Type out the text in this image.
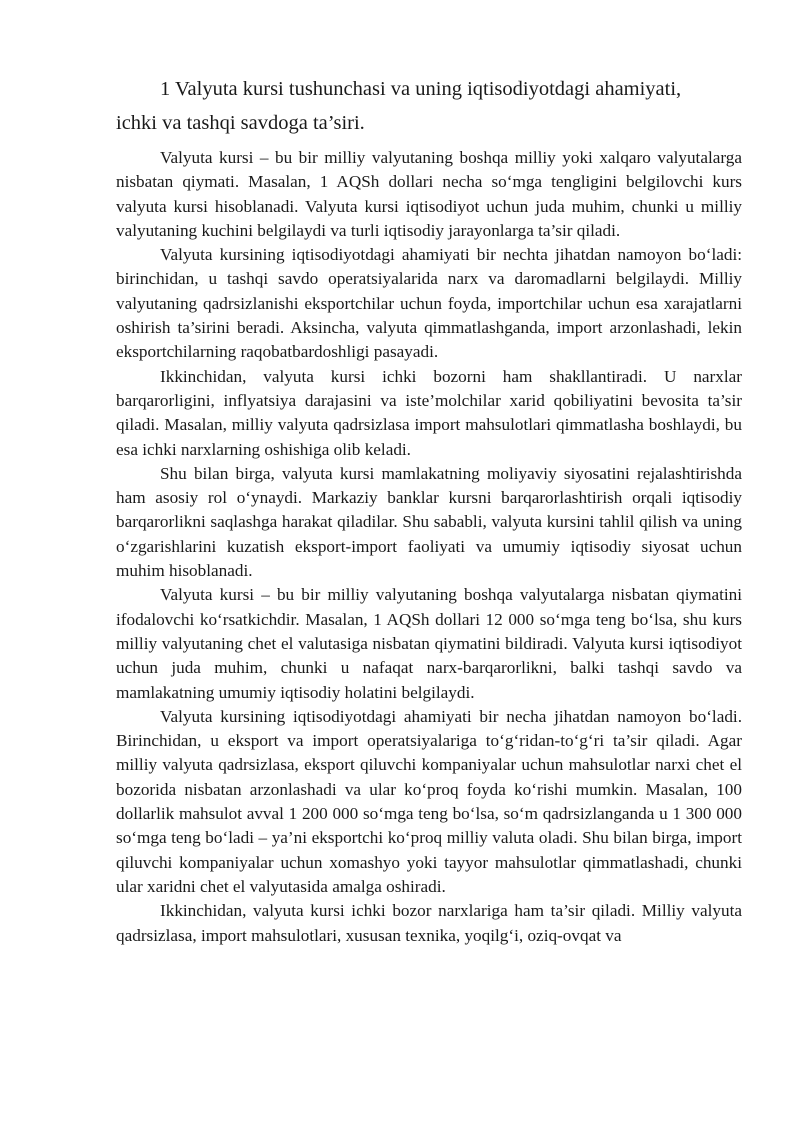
1 Valyuta kursi tushunchasi va uning iqtisodiyotdagi ahamiyati,
ichki va tashqi savdoga ta’siri.

Valyuta kursi – bu bir milliy valyutaning boshqa milliy yoki xalqaro valyutalarga nisbatan qiymati. Masalan, 1 AQSh dollari necha so‘mga tengligini belgilovchi kurs valyuta kursi hisoblanadi. Valyuta kursi iqtisodiyot uchun juda muhim, chunki u milliy valyutaning kuchini belgilaydi va turli iqtisodiy jarayonlarga ta’sir qiladi.

Valyuta kursining iqtisodiyotdagi ahamiyati bir nechta jihatdan namoyon bo‘ladi: birinchidan, u tashqi savdo operatsiyalarida narx va daromadlarni belgilaydi. Milliy valyutaning qadrsizlanishi eksportchilar uchun foyda, importchilar uchun esa xarajatlarni oshirish ta’sirini beradi. Aksincha, valyuta qimmatlashganda, import arzonlashadi, lekin eksportchilarning raqobatbardoshligi pasayadi.

Ikkinchidan, valyuta kursi ichki bozorni ham shakllantiradi. U narxlar barqarorligini, inflyatsiya darajasini va iste’molchilar xarid qobiliyatini bevosita ta’sir qiladi. Masalan, milliy valyuta qadrsizlasa import mahsulotlari qimmatlasha boshlaydi, bu esa ichki narxlarning oshishiga olib keladi.

Shu bilan birga, valyuta kursi mamlakatning moliyaviy siyosatini rejalashtirishda ham asosiy rol o‘ynaydi. Markaziy banklar kursni barqarorlashtirish orqali iqtisodiy barqarorlikni saqlashga harakat qiladilar. Shu sababli, valyuta kursini tahlil qilish va uning o‘zgarishlarini kuzatish eksport-import faoliyati va umumiy iqtisodiy siyosat uchun muhim hisoblanadi.

Valyuta kursi – bu bir milliy valyutaning boshqa valyutalarga nisbatan qiymatini ifodalovchi ko‘rsatkichdir. Masalan, 1 AQSh dollari 12 000 so‘mga teng bo‘lsa, shu kurs milliy valyutaning chet el valutasiga nisbatan qiymatini bildiradi. Valyuta kursi iqtisodiyot uchun juda muhim, chunki u nafaqat narx-barqarorlikni, balki tashqi savdo va mamlakatning umumiy iqtisodiy holatini belgilaydi.

Valyuta kursining iqtisodiyotdagi ahamiyati bir necha jihatdan namoyon bo‘ladi. Birinchidan, u eksport va import operatsiyalariga to‘g‘ridan-to‘g‘ri ta’sir qiladi. Agar milliy valyuta qadrsizlasa, eksport qiluvchi kompaniyalar uchun mahsulotlar narxi chet el bozorida nisbatan arzonlashadi va ular ko‘proq foyda ko‘rishi mumkin. Masalan, 100 dollarlik mahsulot avval 1 200 000 so‘mga teng bo‘lsa, so‘m qadrsizlanganda u 1 300 000 so‘mga teng bo‘ladi – ya’ni eksportchi ko‘proq milliy valuta oladi. Shu bilan birga, import qiluvchi kompaniyalar uchun xomashyo yoki tayyor mahsulotlar qimmatlashadi, chunki ular xaridni chet el valyutasida amalga oshiradi.

Ikkinchidan, valyuta kursi ichki bozor narxlariga ham ta’sir qiladi. Milliy valyuta qadrsizlasa, import mahsulotlari, xususan texnika, yoqilg‘i, oziq-ovqat va
